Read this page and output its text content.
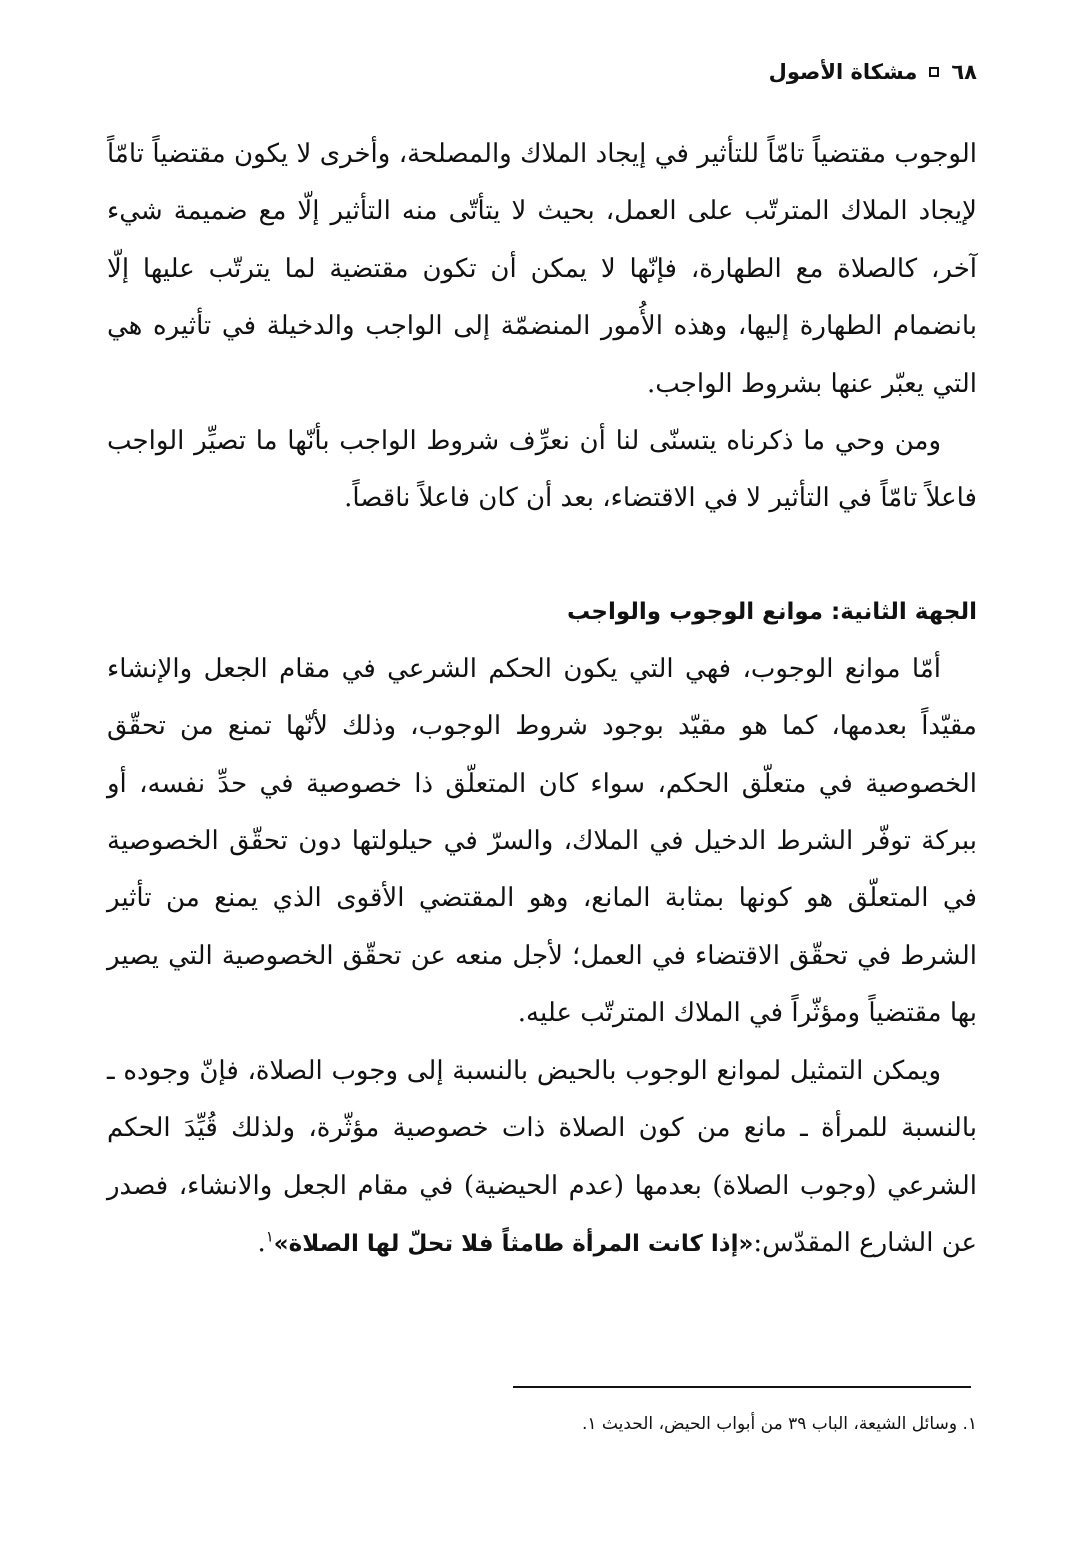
٦٨
مشكاة الأصول

الوجوب مقتضياً تامّاً للتأثير في إيجاد الملاك والمصلحة، وأخرى لا يكون مقتضياً تامّاً لإيجاد الملاك المترتّب على العمل، بحيث لا يتأتّى منه التأثير إلّا مع ضميمة شيء آخر، كالصلاة مع الطهارة، فإنّها لا يمكن أن تكون مقتضية لما يترتّب عليها إلّا بانضمام الطهارة إليها، وهذه الأُمور المنضمّة إلى الواجب والدخيلة في تأثيره هي التي يعبّر عنها بشروط الواجب.

ومن وحي ما ذكرناه يتسنّى لنا أن نعرِّف شروط الواجب بأنّها ما تصيِّر الواجب فاعلاً تامّاً في التأثير لا في الاقتضاء، بعد أن كان فاعلاً ناقصاً.

الجهة الثانية: موانع الوجوب والواجب

أمّا موانع الوجوب، فهي التي يكون الحكم الشرعي في مقام الجعل والإنشاء مقيّداً بعدمها، كما هو مقيّد بوجود شروط الوجوب، وذلك لأنّها تمنع من تحقّق الخصوصية في متعلّق الحكم، سواء كان المتعلّق ذا خصوصية في حدِّ نفسه، أو ببركة توفّر الشرط الدخيل في الملاك، والسرّ في حيلولتها دون تحقّق الخصوصية في المتعلّق هو كونها بمثابة المانع، وهو المقتضي الأقوى الذي يمنع من تأثير الشرط في تحقّق الاقتضاء في العمل؛ لأجل منعه عن تحقّق الخصوصية التي يصير بها مقتضياً ومؤثّراً في الملاك المترتّب عليه.

ويمكن التمثيل لموانع الوجوب بالحيض بالنسبة إلى وجوب الصلاة، فإنّ وجوده ـ بالنسبة للمرأة ـ مانع من كون الصلاة ذات خصوصية مؤثّرة، ولذلك قُيِّدَ الحكم الشرعي (وجوب الصلاة) بعدمها (عدم الحيضية) في مقام الجعل والانشاء، فصدر عن الشارع المقدّس:«إذا كانت المرأة طامثاً فلا تحلّ لها الصلاة»$^١$.

١. وسائل الشيعة، الباب ٣٩ من أبواب الحيض، الحديث ١.
